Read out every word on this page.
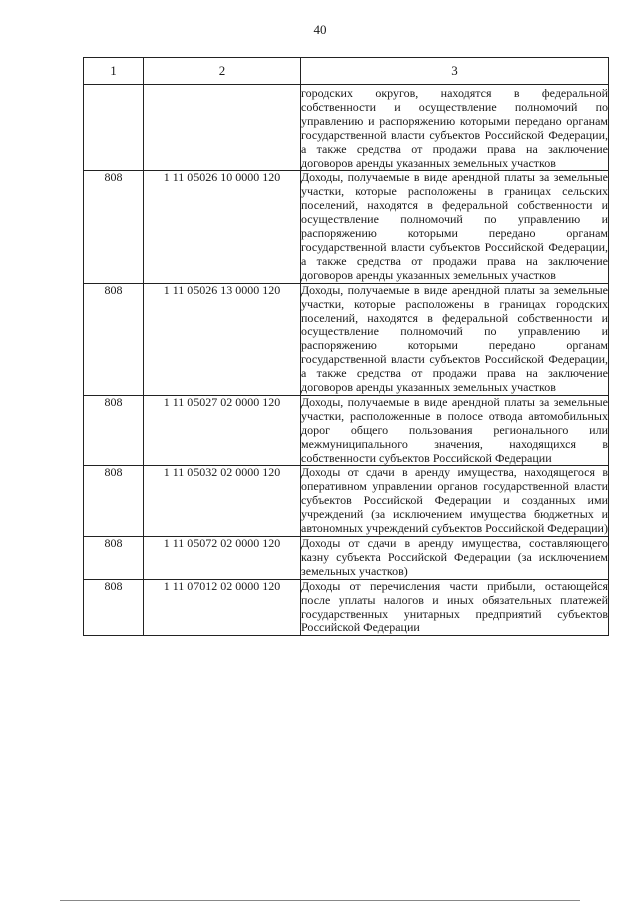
40
1	2	3
		городских округов, находятся в федеральной собственности и осуществление полномочий по управлению и распоряжению которыми передано органам государственной власти субъектов Российской Федерации, а также средства от продажи права на заключение договоров аренды указанных земельных участков
808	1 11 05026 10 0000 120	Доходы, получаемые в виде арендной платы за земельные участки, которые расположены в границах сельских поселений, находятся в федеральной собственности и осуществление полномочий по управлению и распоряжению которыми передано органам государственной власти субъектов Российской Федерации, а также средства от продажи права на заключение договоров аренды указанных земельных участков
808	1 11 05026 13 0000 120	Доходы, получаемые в виде арендной платы за земельные участки, которые расположены в границах городских поселений, находятся в федеральной собственности и осуществление полномочий по управлению и распоряжению которыми передано органам государственной власти субъектов Российской Федерации, а также средства от продажи права на заключение договоров аренды указанных земельных участков
808	1 11 05027 02 0000 120	Доходы, получаемые в виде арендной платы за земельные участки, расположенные в полосе отвода автомобильных дорог общего пользования регионального или межмуниципального значения, находящихся в собственности субъектов Российской Федерации
808	1 11 05032 02 0000 120	Доходы от сдачи в аренду имущества, находящегося в оперативном управлении органов государственной власти субъектов Российской Федерации и созданных ими учреждений (за исключением имущества бюджетных и автономных учреждений субъектов Российской Федерации)
808	1 11 05072 02 0000 120	Доходы от сдачи в аренду имущества, составляющего казну субъекта Российской Федерации (за исключением земельных участков)
808	1 11 07012 02 0000 120	Доходы от перечисления части прибыли, остающейся после уплаты налогов и иных обязательных платежей государственных унитарных предприятий субъектов Российской Федерации
